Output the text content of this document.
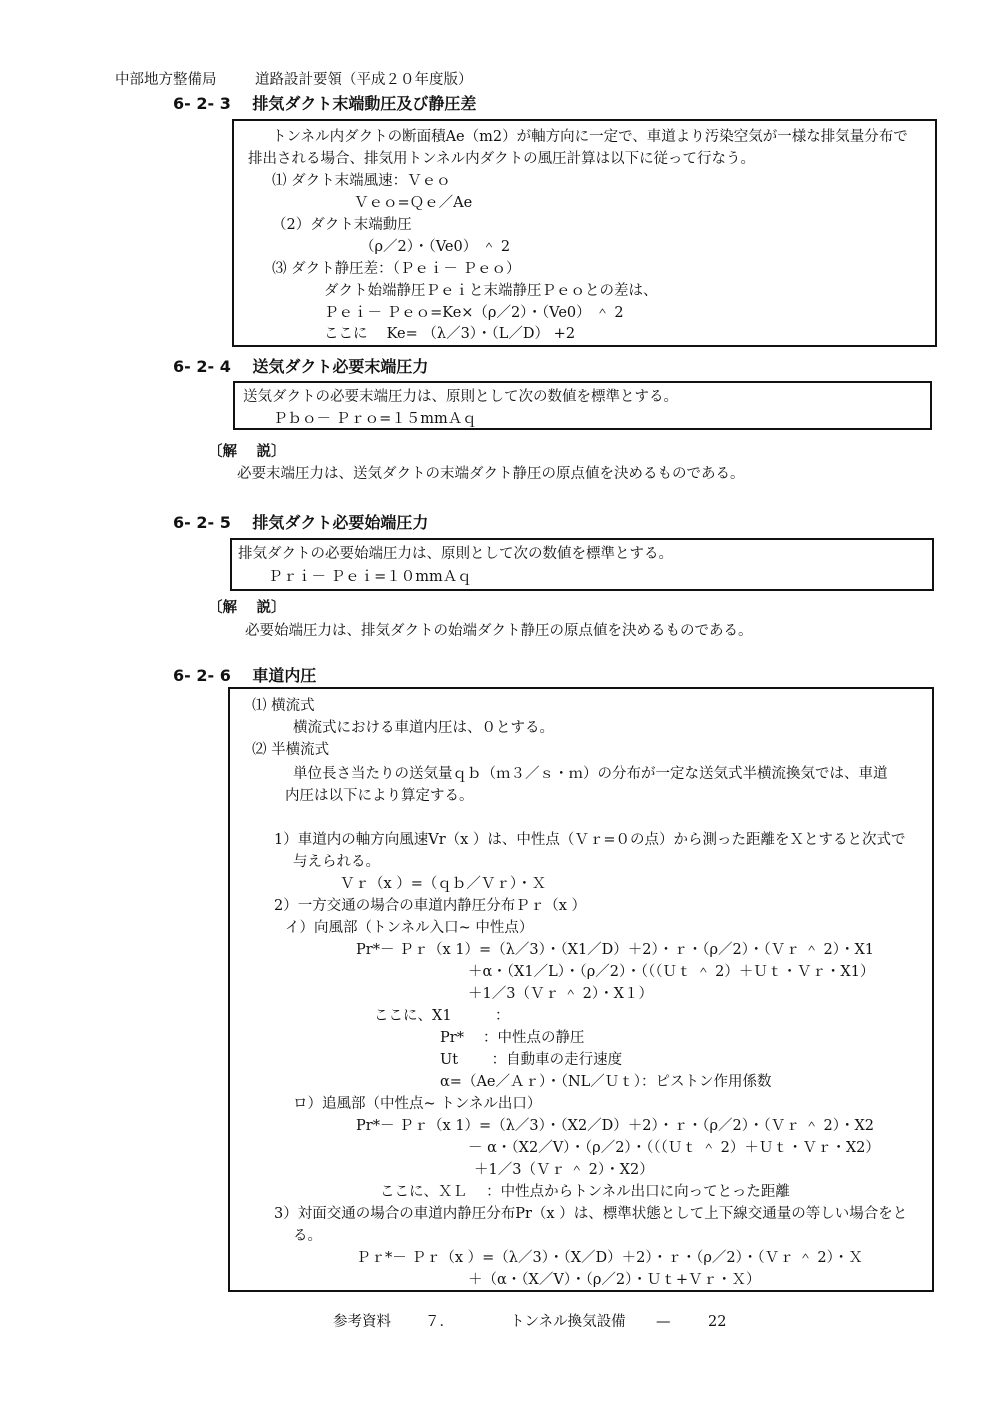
中部地方整備局	道路設計要領（平成２０年度版）
6- 2- 3　 排気ダクト末端動圧及び静圧差
トンネル内ダクトの断面積Ae（m2）が軸方向に一定で、車道より汚染空気が一様な排気量分布で
排出される場合、排気用トンネル内ダクトの風圧計算は以下に従って行なう。
⑴ ダクト末端風速：Ｖｅｏ
Ｖｅｏ=Ｑｅ／Ae
（2）ダクト末端動圧
（ρ／2）・（Ve0） ＾ 2
⑶ ダクト静圧差：（Ｐｅｉ－ Ｐｅｏ）
ダクト始端静圧Ｐｅｉと末端静圧Ｐｅｏとの差は、
Ｐｅｉ－ Ｐｅｏ=Ke×（ρ／2）・（Ve0） ＾ 2
ここに　 Ke= （λ／3）・（L／D） +2
6- 2- 4　 送気ダクト必要末端圧力
送気ダクトの必要末端圧力は、原則として次の数値を標準とする。
Ｐｂｏ－ Ｐｒｏ=１５mmＡｑ
〔解　 説〕
必要末端圧力は、送気ダクトの末端ダクト静圧の原点値を決めるものである。
6- 2- 5　 排気ダクト必要始端圧力
排気ダクトの必要始端圧力は、原則として次の数値を標準とする。
Ｐｒｉ－ Ｐｅｉ=１０mmＡｑ
〔解　 説〕
必要始端圧力は、排気ダクトの始端ダクト静圧の原点値を決めるものである。
6- 2- 6　 車道内圧
⑴ 横流式
横流式における車道内圧は、０とする。
⑵ 半横流式
単位長さ当たりの送気量ｑｂ（ｍ３／ｓ・ｍ）の分布が一定な送気式半横流換気では、車道
内圧は以下により算定する。
1）車道内の軸方向風速Vr（x ）は、中性点（Ｖｒ=０の点）から測った距離をＸとすると次式で
与えられる。
Ｖｒ（x ）=（ｑｂ／Ｖｒ）・Ｘ
2）一方交通の場合の車道内静圧分布Ｐｒ（x ）
イ）向風部（トンネル入口~ 中性点）
Pr*－ Ｐｒ（x 1）=（λ／3）・（X1／D）＋2）・ｒ・（ρ／2）・（Ｖｒ ＾ 2）・X1
＋α・（X1／L）・（ρ／2）・（（（Ｕｔ ＾ 2）＋Ｕｔ・Ｖｒ・X1）
＋1／3（Ｖｒ ＾ 2）・X１）
ここに、X1　　　：
Pr*　 ：中性点の静圧
Ut　　 ：自動車の走行速度
α=（Ae／Ａｒ）・（NL／Ｕｔ）：ピストン作用係数
ロ）追風部（中性点~ トンネル出口）
Pr*－ Ｐｒ（x 1）=（λ／3）・（X2／D）＋2）・ｒ・（ρ／2）・（Ｖｒ ＾ 2）・X2
－ α・（X2／V）・（ρ／2）・（（（Ｕｔ ＾ 2）＋Ｕｔ・Ｖｒ・X2）
＋1／3（Ｖｒ ＾ 2）・X2）
ここに、ＸＬ　 ：中性点からトンネル出口に向ってとった距離
3）対面交通の場合の車道内静圧分布Pr（x ）は、標準状態として上下線交通量の等しい場合をと
る。
Ｐｒ*－ Ｐｒ（x ）=（λ／3）・（X／D）＋2）・ｒ・（ρ／2）・（Ｖｒ ＾ 2）・Ｘ
＋（α・（X／V）・（ρ／2）・Ｕｔ+Ｖｒ・Ｘ）
参考資料 ７．	トンネル換気設備 —	22
